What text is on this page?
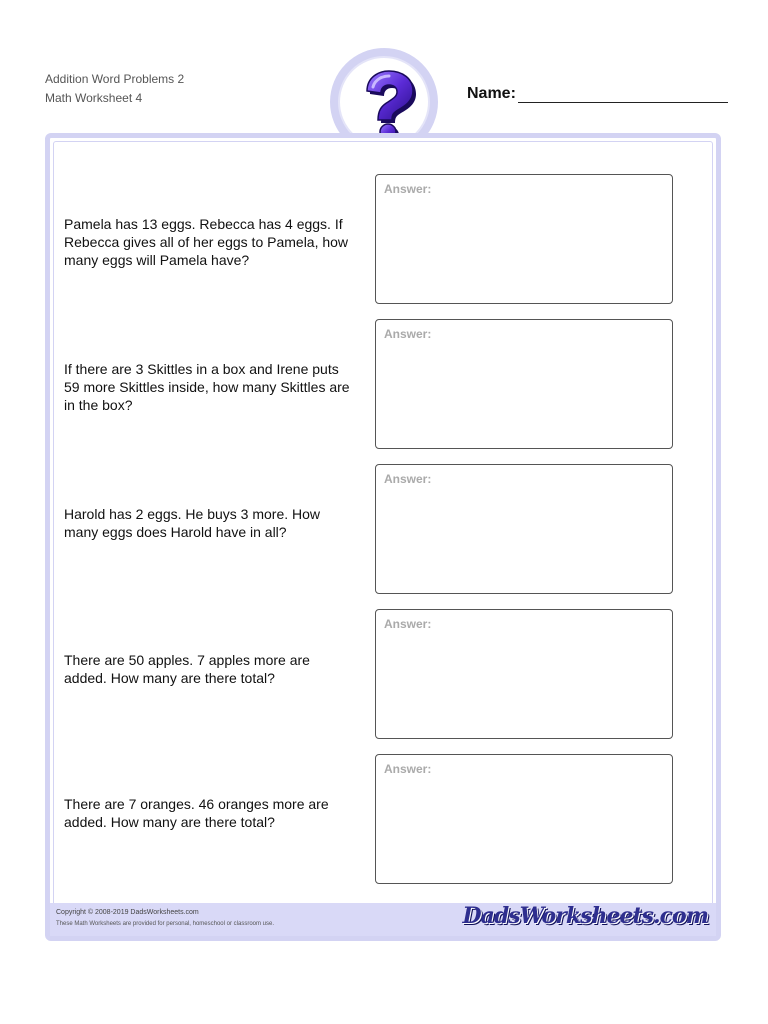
Addition Word Problems 2
Math Worksheet 4	Name:
Copyright © 2008-2019 DadsWorksheets.com
These Math Worksheets are provided for personal, homeschool or classroom use.	DadsWorksheets.com
Pamela has 13 eggs. Rebecca has 4 eggs. If Rebecca gives all of her eggs to Pamela, how many eggs will Pamela have?
Answer:
If there are 3 Skittles in a box and Irene puts 59 more Skittles inside, how many Skittles are in the box?
Answer:
Harold has 2 eggs. He buys 3 more. How many eggs does Harold have in all?
Answer:
There are 50 apples. 7 apples more are added. How many are there total?
Answer:
There are 7 oranges. 46 oranges more are added. How many are there total?
Answer:
